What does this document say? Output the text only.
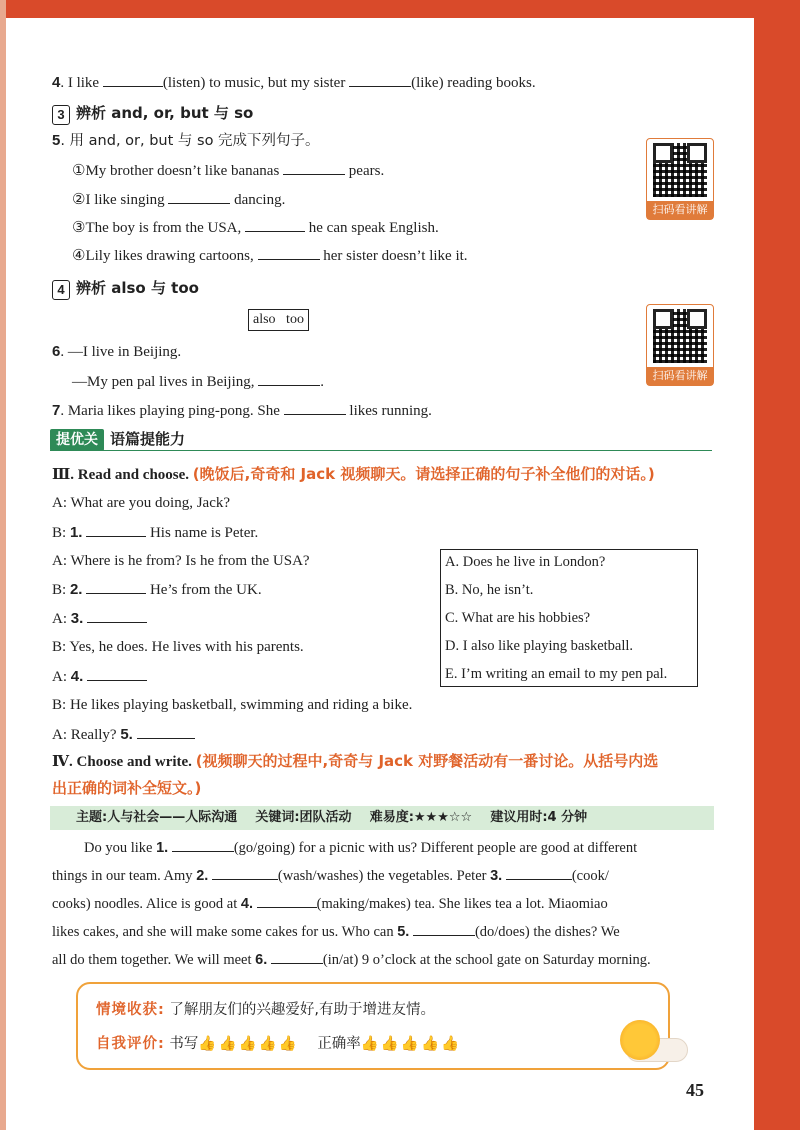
4. I like	(listen) to music, but my sister	(like) reading books.
3 辨析 and, or, but 与 so
5. 用 and, or, but 与 so 完成下列句子。
①My brother doesn’t like bananas	pears.
②I like singing	dancing.
③The boy is from the USA,	he can speak English.
④Lily likes drawing cartoons,	her sister doesn’t like it.
扫码看讲解
4 辨析 also 与 too
also   too
扫码看讲解
6. —I live in Beijing.
—My pen pal lives in Beijing,	.
7. Maria likes playing ping-pong. She	likes running.
提优关 语篇提能力
Ⅲ. Read and choose. (晚饭后,奇奇和 Jack 视频聊天。请选择正确的句子补全他们的对话。)
A: What are you doing, Jack?
B: 1.	His name is Peter.
A: Where is he from? Is he from the USA?
B: 2.	He’s from the UK.
A: 3.
B: Yes, he does. He lives with his parents.
A: 4.
B: He likes playing basketball, swimming and riding a bike.
A: Really? 5.
A. Does he live in London?
B. No, he isn’t.
C. What are his hobbies?
D. I also like playing basketball.
E. I’m writing an email to my pen pal.
Ⅳ. Choose and write. (视频聊天的过程中,奇奇与 Jack 对野餐活动有一番讨论。从括号内选
出正确的词补全短文。)
主题:人与社会——人际沟通 关键词:团队活动 难易度:★★★☆☆ 建议用时:4 分钟
Do you like 1.	(go/going) for a picnic with us? Different people are good at different
things in our team. Amy 2.	(wash/washes) the vegetables. Peter 3.	(cook/
cooks) noodles. Alice is good at 4.	(making/makes) tea. She likes tea a lot. Miaomiao
likes cakes, and she will make some cakes for us. Who can 5.	(do/does) the dishes? We
all do them together. We will meet 6.	(in/at) 9 o’clock at the school gate on Saturday morning.
情境收获: 了解朋友们的兴趣爱好,有助于增进友情。
自我评价: 书写👍👍👍👍👍 正确率👍👍👍👍👍
45
